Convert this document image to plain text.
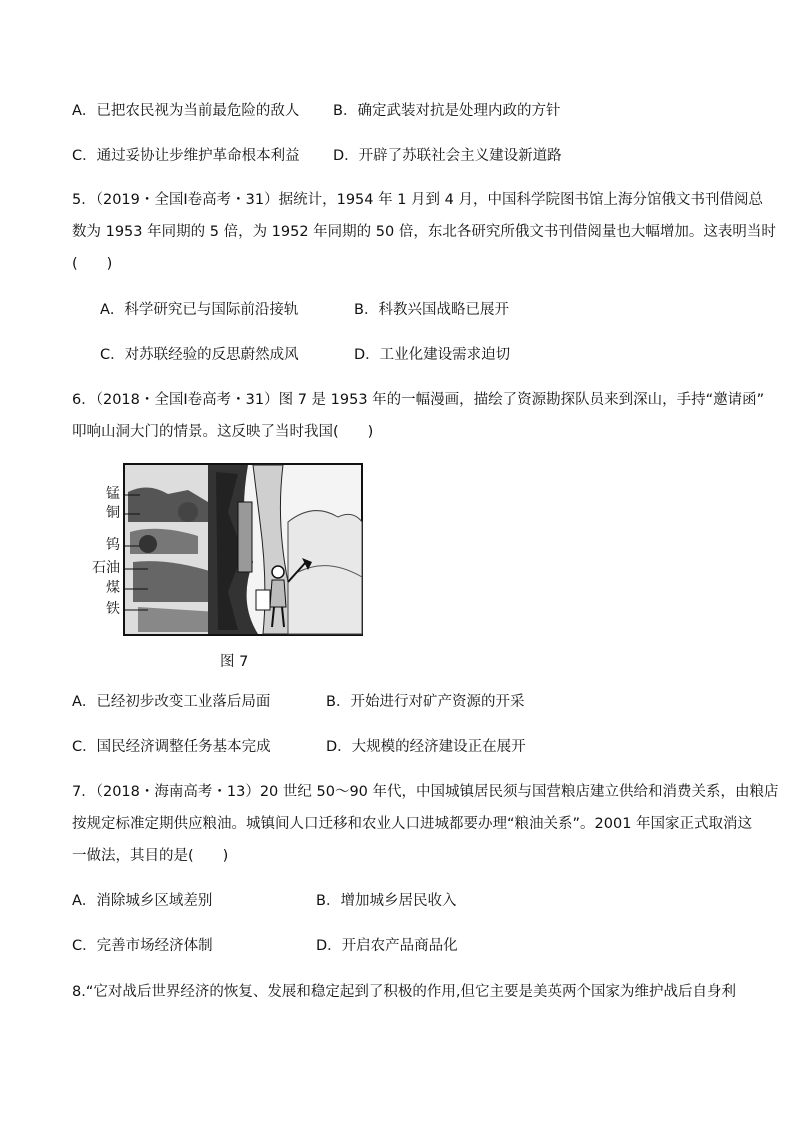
A．已把农民视为当前最危险的敌人 B．确定武装对抗是处理内政的方针
C．通过妥协让步维护革命根本利益 D．开辟了苏联社会主义建设新道路
5．（2019・全国Ⅰ卷高考・31）据统计，1954 年 1 月到 4 月，中国科学院图书馆上海分馆俄文书刊借阅总
数为 1953 年同期的 5 倍，为 1952 年同期的 50 倍，东北各研究所俄文书刊借阅量也大幅增加。这表明当时
(　　)
A．科学研究已与国际前沿接轨	B．科教兴国战略已展开
C．对苏联经验的反思蔚然成风	D．工业化建设需求迫切
6．（2018・全国Ⅰ卷高考・31）图 7 是 1953 年的一幅漫画，描绘了资源勘探队员来到深山，手持“邀请函”
叩响山洞大门的情景。这反映了当时我国(　　)
锰
铜
钨
石油
煤
铁
图 7
A．已经初步改变工业落后局面	B．开始进行对矿产资源的开采
C．国民经济调整任务基本完成	D．大规模的经济建设正在展开
7．（2018・海南高考・13）20 世纪 50～90 年代，中国城镇居民须与国营粮店建立供给和消费关系，由粮店
按规定标准定期供应粮油。城镇间人口迁移和农业人口进城都要办理“粮油关系”。2001 年国家正式取消这
一做法，其目的是(　　)
A．消除城乡区域差别	B．增加城乡居民收入
C．完善市场经济体制	D．开启农产品商品化
8.“它对战后世界经济的恢复、发展和稳定起到了积极的作用,但它主要是美英两个国家为维护战后自身利
